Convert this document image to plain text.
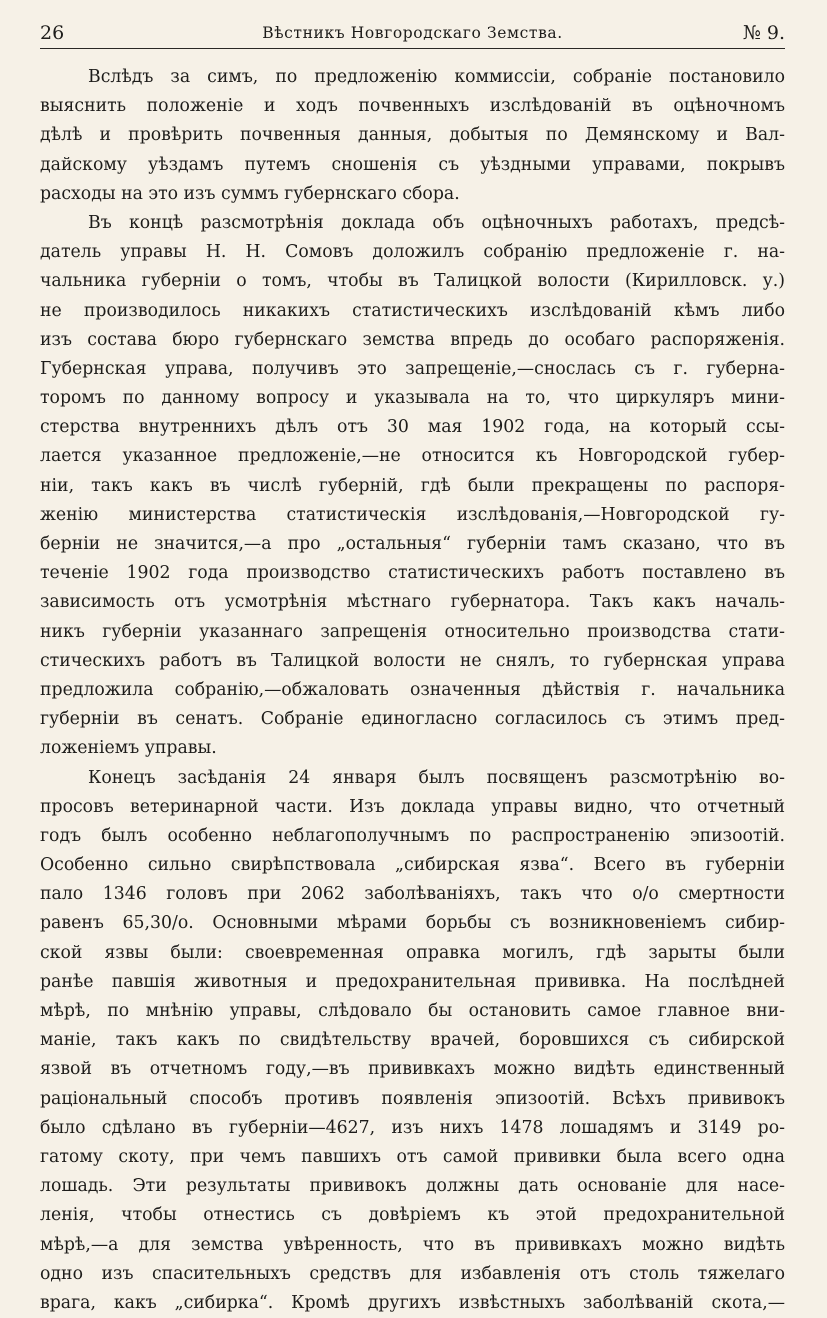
26	Вѣстникъ Новгородскаго Земства.	№ 9.
Вслѣдъ за симъ, по предложенію коммиссіи, собраніе постановило
выяснить положеніе и ходъ почвенныхъ изслѣдованій въ оцѣночномъ
дѣлѣ и провѣрить почвенныя данныя, добытыя по Демянскому и Вал-
дайскому уѣздамъ путемъ сношенія съ уѣздными управами, покрывъ
расходы на это изъ суммъ губернскаго сбора.
Въ концѣ разсмотрѣнія доклада объ оцѣночныхъ работахъ, предсѣ-
датель управы Н. Н. Сомовъ доложилъ собранію предложеніе г. на-
чальника губерніи о томъ, чтобы въ Талицкой волости (Кирилловск. у.)
не производилось никакихъ статистическихъ изслѣдованій кѣмъ либо
изъ состава бюро губернскаго земства впредь до особаго распоряженія.
Губернская управа, получивъ это запрещеніе,—снослась съ г. губерна-
торомъ по данному вопросу и указывала на то, что циркуляръ мини-
стерства внутреннихъ дѣлъ отъ 30 мая 1902 года, на который ссы-
лается указанное предложеніе,—не относится къ Новгородской губер-
ніи, такъ какъ въ числѣ губерній, гдѣ были прекращены по распоря-
женію министерства статистическія изслѣдованія,—Новгородской гу-
берніи не значится,—а про „остальныя“ губерніи тамъ сказано, что въ
теченіе 1902 года производство статистическихъ работъ поставлено въ
зависимость отъ усмотрѣнія мѣстнаго губернатора. Такъ какъ началь-
никъ губерніи указаннаго запрещенія относительно производства стати-
стическихъ работъ въ Талицкой волости не снялъ, то губернская управа
предложила собранію,—обжаловать означенныя дѣйствія г. начальника
губерніи въ сенатъ. Собраніе единогласно согласилось съ этимъ пред-
ложеніемъ управы.
Конецъ засѣданія 24 января былъ посвященъ разсмотрѣнію во-
просовъ ветеринарной части. Изъ доклада управы видно, что отчетный
годъ былъ особенно неблагополучнымъ по распространенію эпизоотій.
Особенно сильно свирѣпствовала „сибирская язва“. Всего въ губерніи
пало 1346 головъ при 2062 заболѣваніяхъ, такъ что о/о смертности
равенъ 65,30/о. Основными мѣрами борьбы съ возникновеніемъ сибир-
ской язвы были: своевременная оправка могилъ, гдѣ зарыты были
ранѣе павшія животныя и предохранительная прививка. На послѣдней
мѣрѣ, по мнѣнію управы, слѣдовало бы остановить самое главное вни-
маніе, такъ какъ по свидѣтельству врачей, боровшихся съ сибирской
язвой въ отчетномъ году,—въ прививкахъ можно видѣть единственный
раціональный способъ противъ появленія эпизоотій. Всѣхъ прививокъ
было сдѣлано въ губерніи—4627, изъ нихъ 1478 лошадямъ и 3149 ро-
гатому скоту, при чемъ павшихъ отъ самой прививки была всего одна
лошадь. Эти результаты прививокъ должны дать основаніе для насе-
ленія, чтобы отнестись съ довѣріемъ къ этой предохранительной
мѣрѣ,—а для земства увѣренность, что въ прививкахъ можно видѣть
одно изъ спасительныхъ средствъ для избавленія отъ столь тяжелаго
врага, какъ „сибирка“. Кромѣ другихъ извѣстныхъ заболѣваній скота,—
